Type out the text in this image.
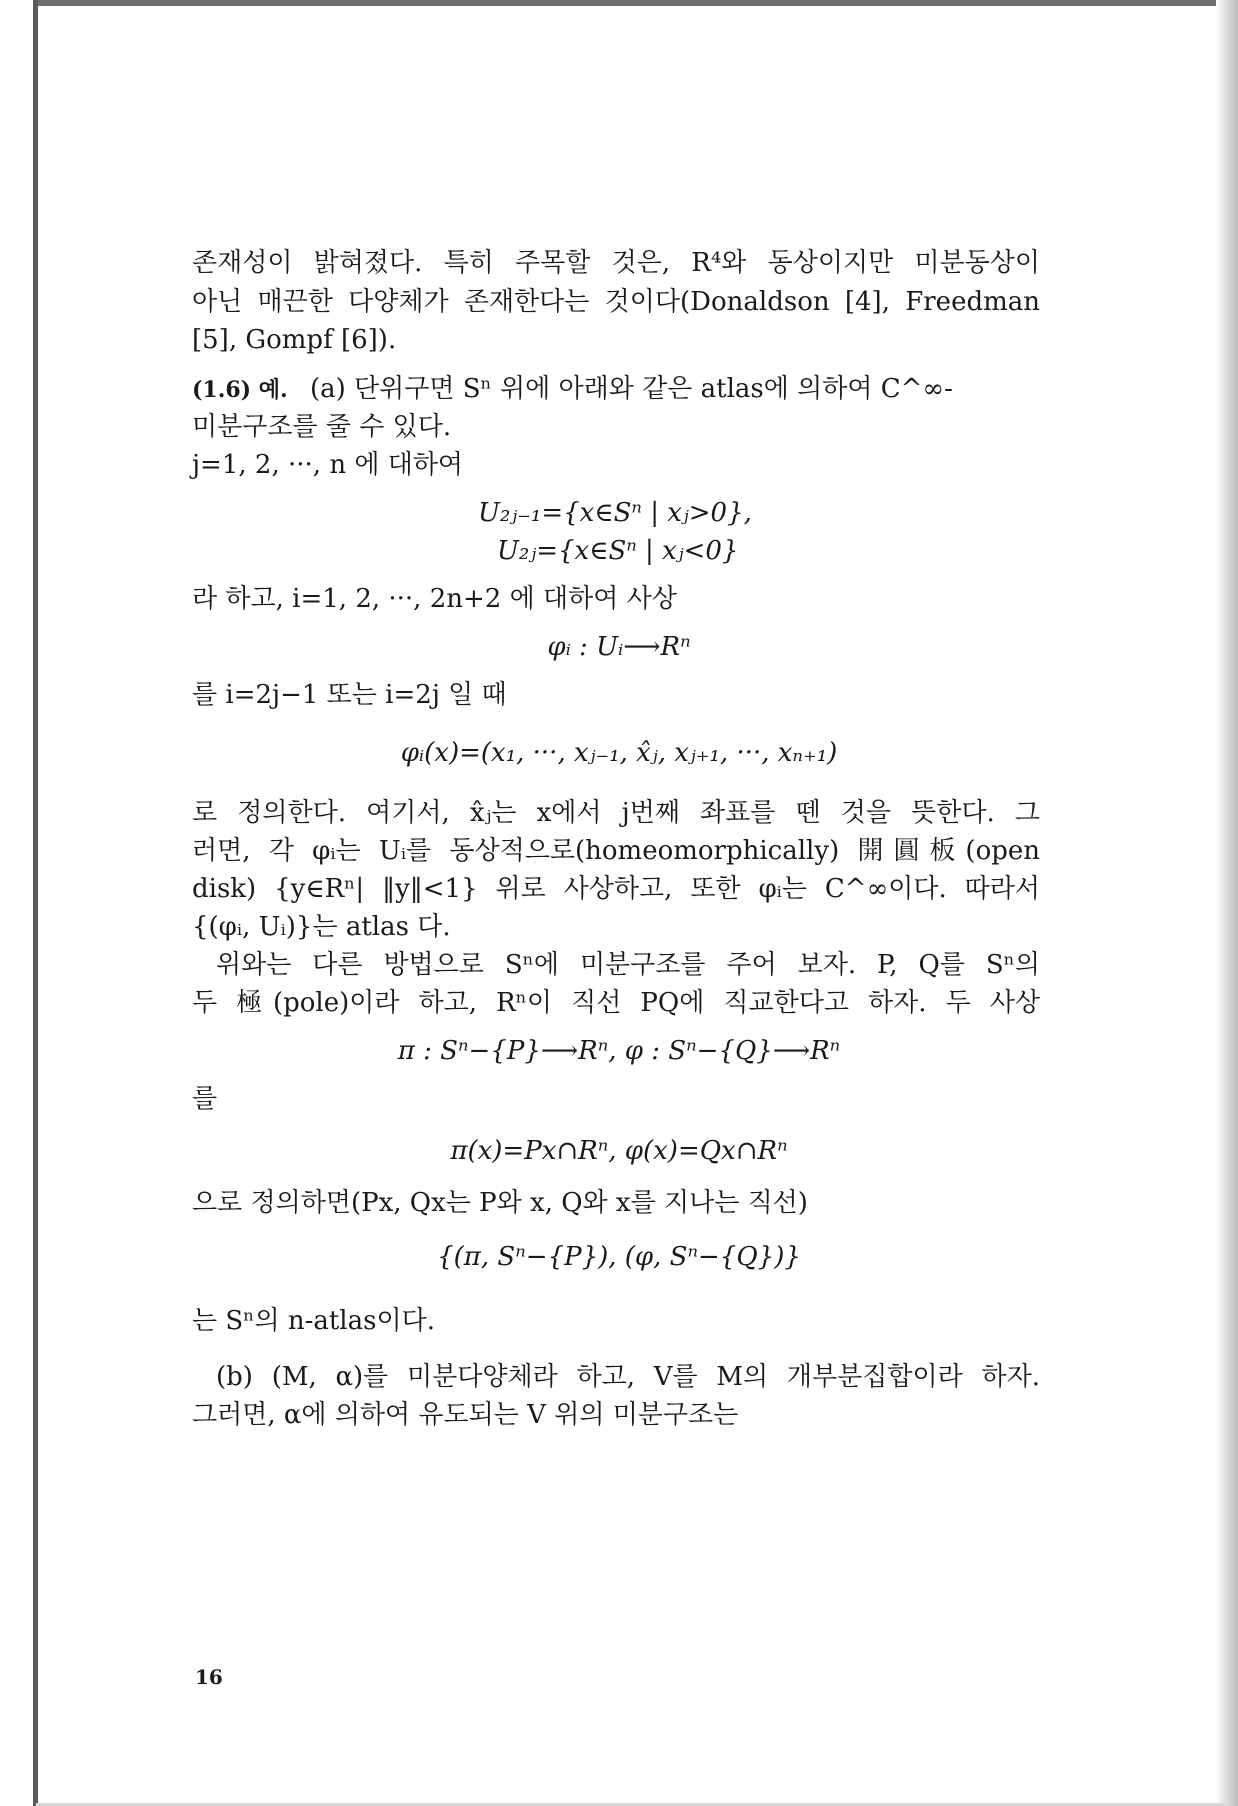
존재성이 밝혀졌다. 특히 주목할 것은, R⁴와 동상이지만 미분동상이
아닌 매끈한 다양체가 존재한다는 것이다(Donaldson [4], Freedman
[5], Gompf [6]).
(1.6) 예. (a) 단위구면 Sⁿ 위에 아래와 같은 atlas에 의하여 C^∞-
미분구조를 줄 수 있다.
j=1, 2, ···, n 에 대하여
U₂ⱼ₋₁={x∈Sⁿ | xⱼ>0},
U₂ⱼ={x∈Sⁿ | xⱼ<0}
라 하고, i=1, 2, ···, 2n+2 에 대하여 사상
φᵢ : Uᵢ⟶Rⁿ
를 i=2j−1 또는 i=2j 일 때
φᵢ(x)=(x₁, ···, xⱼ₋₁, x̂ⱼ, xⱼ₊₁, ···, xₙ₊₁)
로 정의한다. 여기서, x̂ⱼ는 x에서 j번째 좌표를 뗀 것을 뜻한다. 그
러면, 각 φᵢ는 Uᵢ를 동상적으로(homeomorphically) 開圓板(open
disk) {y∈Rⁿ| ‖y‖<1} 위로 사상하고, 또한 φᵢ는 C^∞이다. 따라서
{(φᵢ, Uᵢ)}는 atlas 다.
위와는 다른 방법으로 Sⁿ에 미분구조를 주어 보자. P, Q를 Sⁿ의
두 極(pole)이라 하고, Rⁿ이 직선 PQ에 직교한다고 하자. 두 사상
π : Sⁿ−{P}⟶Rⁿ, φ : Sⁿ−{Q}⟶Rⁿ
를
π(x)=Px∩Rⁿ, φ(x)=Qx∩Rⁿ
으로 정의하면(Px, Qx는 P와 x, Q와 x를 지나는 직선)
{(π, Sⁿ−{P}), (φ, Sⁿ−{Q})}
는 Sⁿ의 n-atlas이다.
(b) (M, α)를 미분다양체라 하고, V를 M의 개부분집합이라 하자.
그러면, α에 의하여 유도되는 V 위의 미분구조는
16
